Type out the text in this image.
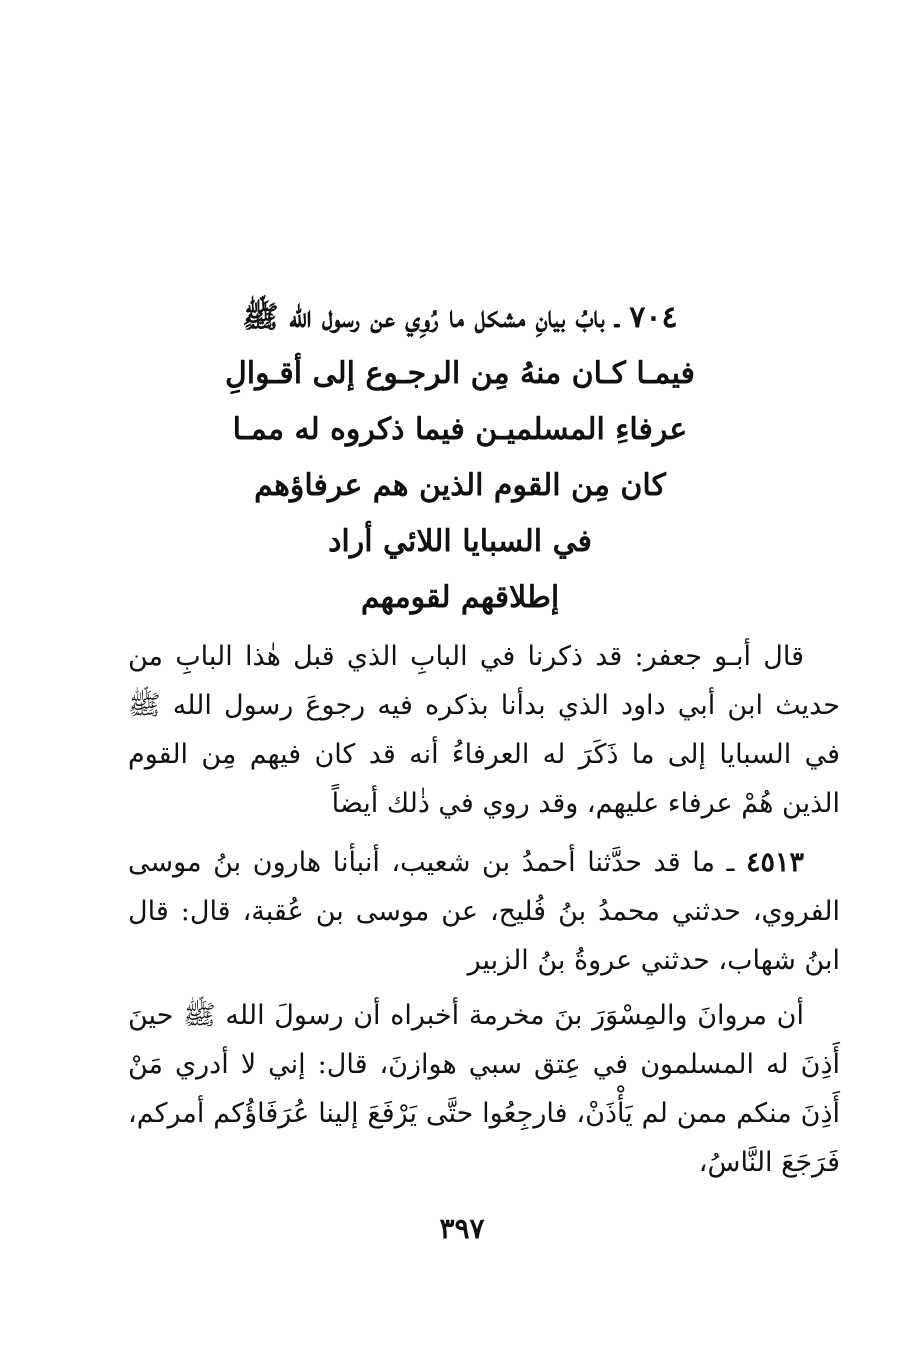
٧٠٤ ـ بابُ بيانِ مشكل ما رُوِي عن رسول الله ﷺ
فيمـا كـان منهُ مِن الرجـوع إلى أقـوالِ
عرفاءِ المسلميـن فيما ذكروه له ممـا
كان مِن القوم الذين هم عرفاؤهم
في السبايا اللائي أراد
إطلاقهم لقومهم

قال أبـو جعفر: قد ذكرنا في البابِ الذي قبل هٰذا البابِ من حديث ابن أبي داود الذي بدأنا بذكره فيه رجوعَ رسول الله ﷺ في السبايا إلى ما ذَكَرَ له العرفاءُ أنه قد كان فيهم مِن القوم الذين هُمْ عرفاء عليهم، وقد روي في ذٰلك أيضاً

٤٥١٣ ـ ما قد حدَّثنا أحمدُ بن شعيب، أنبأنا هارون بنُ موسى الفروي، حدثني محمدُ بنُ فُليح، عن موسى بن عُقبة، قال: قال ابنُ شهاب، حدثني عروةُ بنُ الزبير

أن مروانَ والمِسْوَرَ بنَ مخرمة أخبراه أن رسولَ الله ﷺ حينَ أَذِنَ له المسلمون في عِتق سبي هوازنَ، قال: إني لا أدري مَنْ أَذِنَ منكم ممن لم يَأْذَنْ، فارجِعُوا حتَّى يَرْفَعَ إلينا عُرَفَاؤُكم أمركم، فَرَجَعَ النَّاسُ،

٣٩٧
